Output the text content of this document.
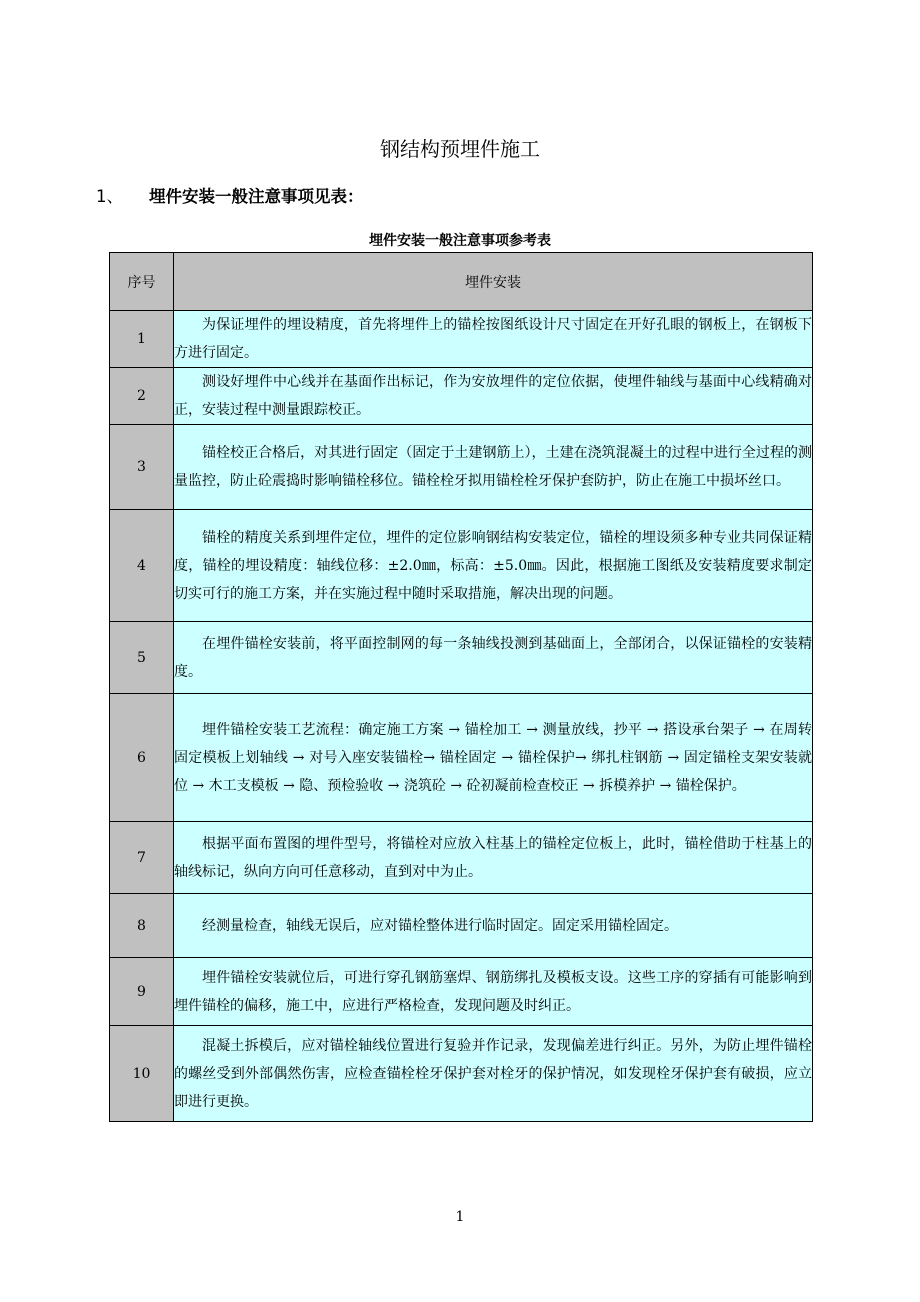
钢结构预埋件施工
1、 埋件安装一般注意事项见表：
埋件安装一般注意事项参考表
序号	埋件安装
1	为保证埋件的埋设精度，首先将埋件上的锚栓按图纸设计尺寸固定在开好孔眼的钢板上，在钢板下方进行固定。
2	测设好埋件中心线并在基面作出标记，作为安放埋件的定位依据，使埋件轴线与基面中心线精确对正，安装过程中测量跟踪校正。
3	锚栓校正合格后，对其进行固定（固定于土建钢筋上），土建在浇筑混凝土的过程中进行全过程的测量监控，防止砼震捣时影响锚栓移位。锚栓栓牙拟用锚栓栓牙保护套防护，防止在施工中损坏丝口。
4	锚栓的精度关系到埋件定位，埋件的定位影响钢结构安装定位，锚栓的埋设须多种专业共同保证精度，锚栓的埋设精度：轴线位移：±2.0㎜，标高：±5.0㎜。因此，根据施工图纸及安装精度要求制定切实可行的施工方案，并在实施过程中随时采取措施，解决出现的问题。
5	在埋件锚栓安装前，将平面控制网的每一条轴线投测到基础面上，全部闭合，以保证锚栓的安装精度。
6	埋件锚栓安装工艺流程：确定施工方案 → 锚栓加工 → 测量放线，抄平 → 搭设承台架子 → 在周转固定模板上划轴线 → 对号入座安装锚栓→ 锚栓固定 → 锚栓保护→ 绑扎柱钢筋 → 固定锚栓支架安装就位 → 木工支模板 → 隐、预检验收 → 浇筑砼 → 砼初凝前检查校正 → 拆模养护 → 锚栓保护。
7	根据平面布置图的埋件型号，将锚栓对应放入柱基上的锚栓定位板上，此时，锚栓借助于柱基上的轴线标记，纵向方向可任意移动，直到对中为止。
8	经测量检查，轴线无误后，应对锚栓整体进行临时固定。固定采用锚栓固定。
9	埋件锚栓安装就位后，可进行穿孔钢筋塞焊、钢筋绑扎及模板支设。这些工序的穿插有可能影响到埋件锚栓的偏移，施工中，应进行严格检查，发现问题及时纠正。
10	混凝土拆模后，应对锚栓轴线位置进行复验并作记录，发现偏差进行纠正。另外，为防止埋件锚栓的螺丝受到外部偶然伤害，应检查锚栓栓牙保护套对栓牙的保护情况，如发现栓牙保护套有破损，应立即进行更换。
1
